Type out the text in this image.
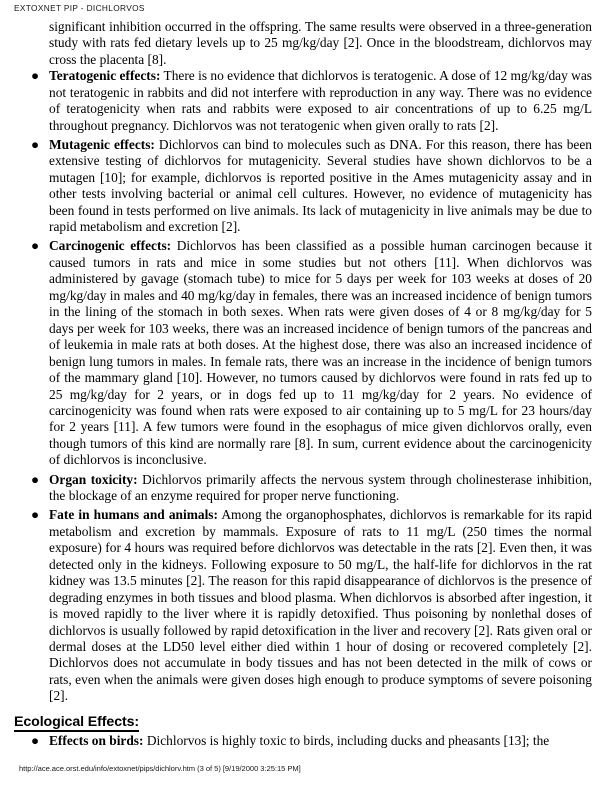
EXTOXNET PIP - DICHLORVOS

significant inhibition occurred in the offspring. The same results were observed in a three-generation study with rats fed dietary levels up to 25 mg/kg/day [2]. Once in the bloodstream, dichlorvos may cross the placenta [8].

● Teratogenic effects: There is no evidence that dichlorvos is teratogenic. A dose of 12 mg/kg/day was not teratogenic in rabbits and did not interfere with reproduction in any way. There was no evidence of teratogenicity when rats and rabbits were exposed to air concentrations of up to 6.25 mg/L throughout pregnancy. Dichlorvos was not teratogenic when given orally to rats [2].
● Mutagenic effects: Dichlorvos can bind to molecules such as DNA. For this reason, there has been extensive testing of dichlorvos for mutagenicity. Several studies have shown dichlorvos to be a mutagen [10]; for example, dichlorvos is reported positive in the Ames mutagenicity assay and in other tests involving bacterial or animal cell cultures. However, no evidence of mutagenicity has been found in tests performed on live animals. Its lack of mutagenicity in live animals may be due to rapid metabolism and excretion [2].
● Carcinogenic effects: Dichlorvos has been classified as a possible human carcinogen because it caused tumors in rats and mice in some studies but not others [11]. When dichlorvos was administered by gavage (stomach tube) to mice for 5 days per week for 103 weeks at doses of 20 mg/kg/day in males and 40 mg/kg/day in females, there was an increased incidence of benign tumors in the lining of the stomach in both sexes. When rats were given doses of 4 or 8 mg/kg/day for 5 days per week for 103 weeks, there was an increased incidence of benign tumors of the pancreas and of leukemia in male rats at both doses. At the highest dose, there was also an increased incidence of benign lung tumors in males. In female rats, there was an increase in the incidence of benign tumors of the mammary gland [10]. However, no tumors caused by dichlorvos were found in rats fed up to 25 mg/kg/day for 2 years, or in dogs fed up to 11 mg/kg/day for 2 years. No evidence of carcinogenicity was found when rats were exposed to air containing up to 5 mg/L for 23 hours/day for 2 years [11]. A few tumors were found in the esophagus of mice given dichlorvos orally, even though tumors of this kind are normally rare [8]. In sum, current evidence about the carcinogenicity of dichlorvos is inconclusive.
● Organ toxicity: Dichlorvos primarily affects the nervous system through cholinesterase inhibition, the blockage of an enzyme required for proper nerve functioning.
● Fate in humans and animals: Among the organophosphates, dichlorvos is remarkable for its rapid metabolism and excretion by mammals. Exposure of rats to 11 mg/L (250 times the normal exposure) for 4 hours was required before dichlorvos was detectable in the rats [2]. Even then, it was detected only in the kidneys. Following exposure to 50 mg/L, the half-life for dichlorvos in the rat kidney was 13.5 minutes [2]. The reason for this rapid disappearance of dichlorvos is the presence of degrading enzymes in both tissues and blood plasma. When dichlorvos is absorbed after ingestion, it is moved rapidly to the liver where it is rapidly detoxified. Thus poisoning by nonlethal doses of dichlorvos is usually followed by rapid detoxification in the liver and recovery [2]. Rats given oral or dermal doses at the LD50 level either died within 1 hour of dosing or recovered completely [2]. Dichlorvos does not accumulate in body tissues and has not been detected in the milk of cows or rats, even when the animals were given doses high enough to produce symptoms of severe poisoning [2].
Ecological Effects:
● Effects on birds: Dichlorvos is highly toxic to birds, including ducks and pheasants [13]; the
http://ace.ace.orst.edu/info/extoxnet/pips/dichlorv.htm (3 of 5) [9/19/2000 3:25:15 PM]
